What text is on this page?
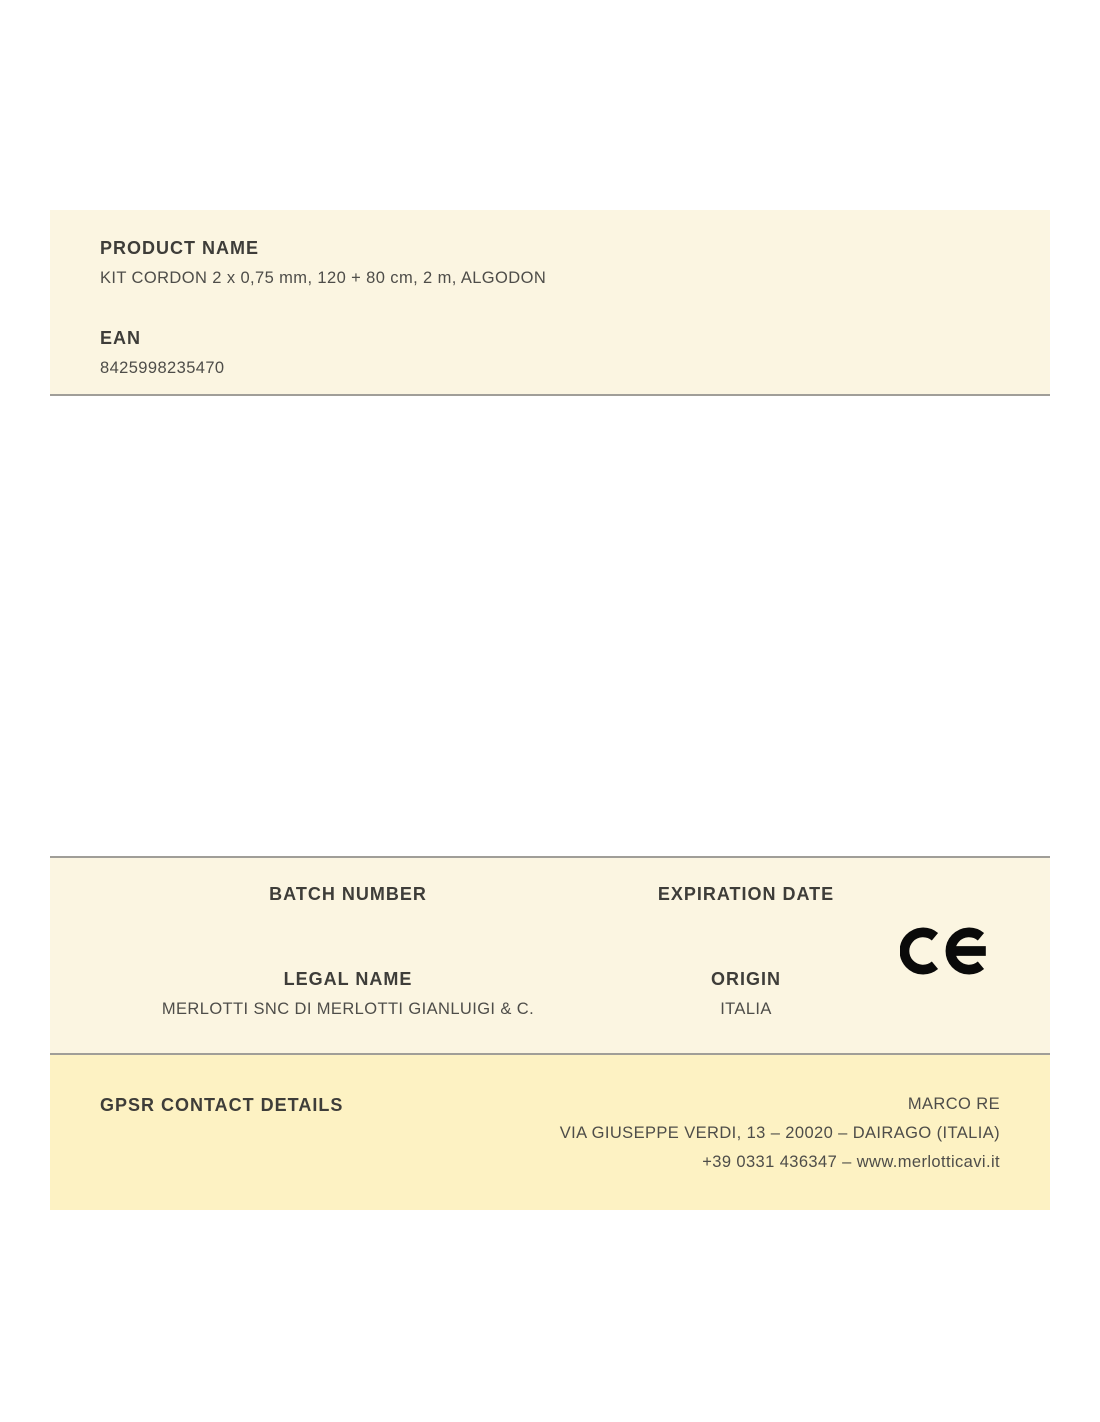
PRODUCT NAME
KIT CORDON 2 x 0,75 mm, 120 + 80 cm, 2 m, ALGODON
EAN
8425998235470
BATCH NUMBER	EXPIRATION DATE
LEGAL NAME
MERLOTTI SNC DI MERLOTTI GIANLUIGI & C.
ORIGIN
ITALIA
GPSR CONTACT DETAILS	MARCO RE
VIA GIUSEPPE VERDI, 13 – 20020 – DAIRAGO (ITALIA)
+39 0331 436347 – www.merlotticavi.it
